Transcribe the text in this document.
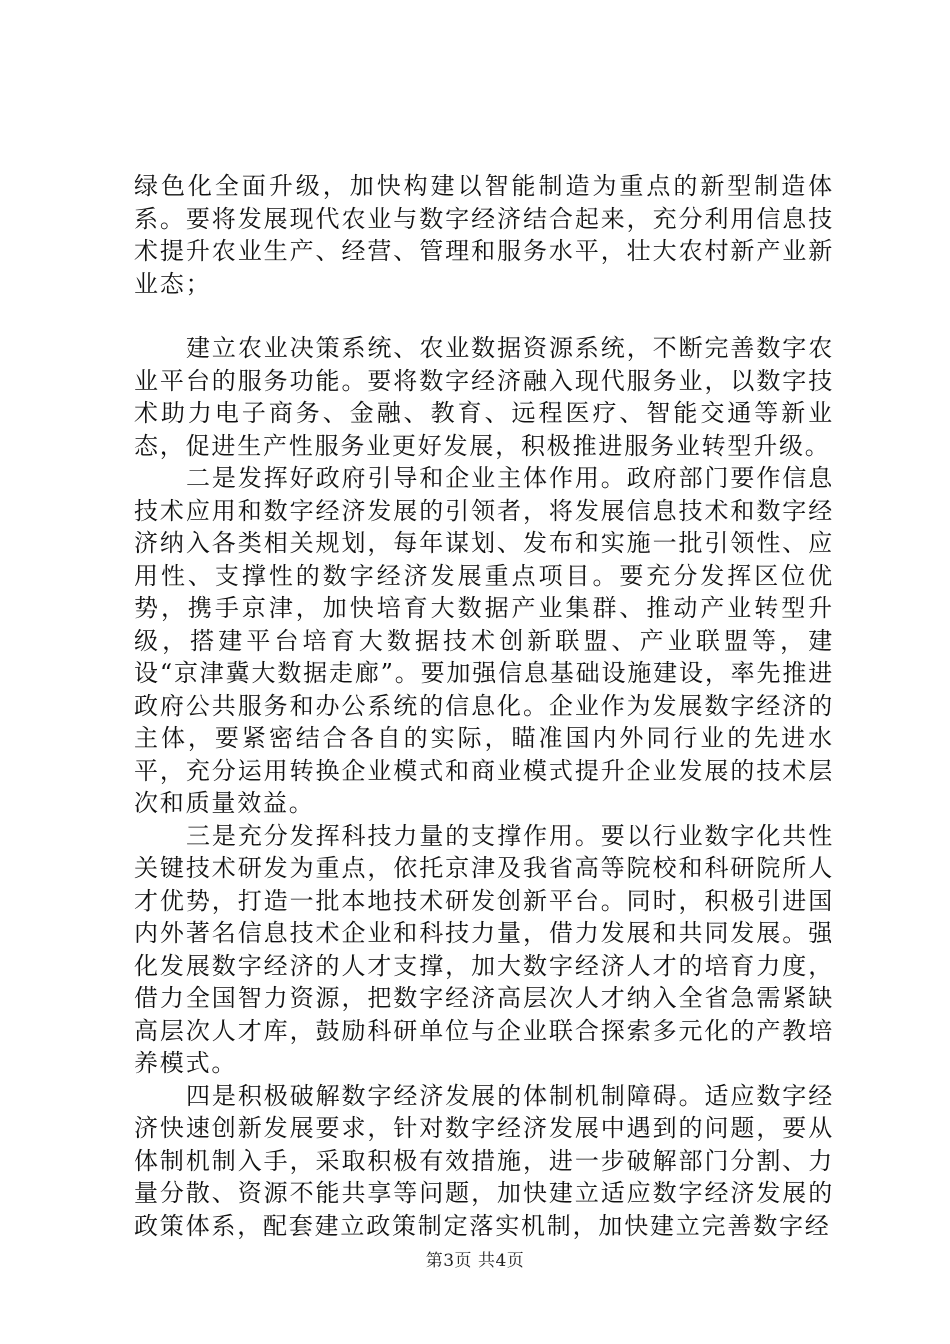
绿色化全面升级，加快构建以智能制造为重点的新型制造体系。要将发展现代农业与数字经济结合起来，充分利用信息技术提升农业生产、经营、管理和服务水平，壮大农村新产业新业态；

建立农业决策系统、农业数据资源系统，不断完善数字农业平台的服务功能。要将数字经济融入现代服务业，以数字技术助力电子商务、金融、教育、远程医疗、智能交通等新业态，促进生产性服务业更好发展，积极推进服务业转型升级。

二是发挥好政府引导和企业主体作用。政府部门要作信息技术应用和数字经济发展的引领者，将发展信息技术和数字经济纳入各类相关规划，每年谋划、发布和实施一批引领性、应用性、支撑性的数字经济发展重点项目。要充分发挥区位优势，携手京津，加快培育大数据产业集群、推动产业转型升级，搭建平台培育大数据技术创新联盟、产业联盟等，建设“京津冀大数据走廊”。要加强信息基础设施建设，率先推进政府公共服务和办公系统的信息化。企业作为发展数字经济的主体，要紧密结合各自的实际，瞄准国内外同行业的先进水平，充分运用转换企业模式和商业模式提升企业发展的技术层次和质量效益。

三是充分发挥科技力量的支撑作用。要以行业数字化共性关键技术研发为重点，依托京津及我省高等院校和科研院所人才优势，打造一批本地技术研发创新平台。同时，积极引进国内外著名信息技术企业和科技力量，借力发展和共同发展。强化发展数字经济的人才支撑，加大数字经济人才的培育力度，借力全国智力资源，把数字经济高层次人才纳入全省急需紧缺高层次人才库，鼓励科研单位与企业联合探索多元化的产教培养模式。

四是积极破解数字经济发展的体制机制障碍。适应数字经济快速创新发展要求，针对数字经济发展中遇到的问题，要从体制机制入手，采取积极有效措施，进一步破解部门分割、力量分散、资源不能共享等问题，加快建立适应数字经济发展的政策体系，配套建立政策制定落实机制，加快建立完善数字经

第3页 共4页
